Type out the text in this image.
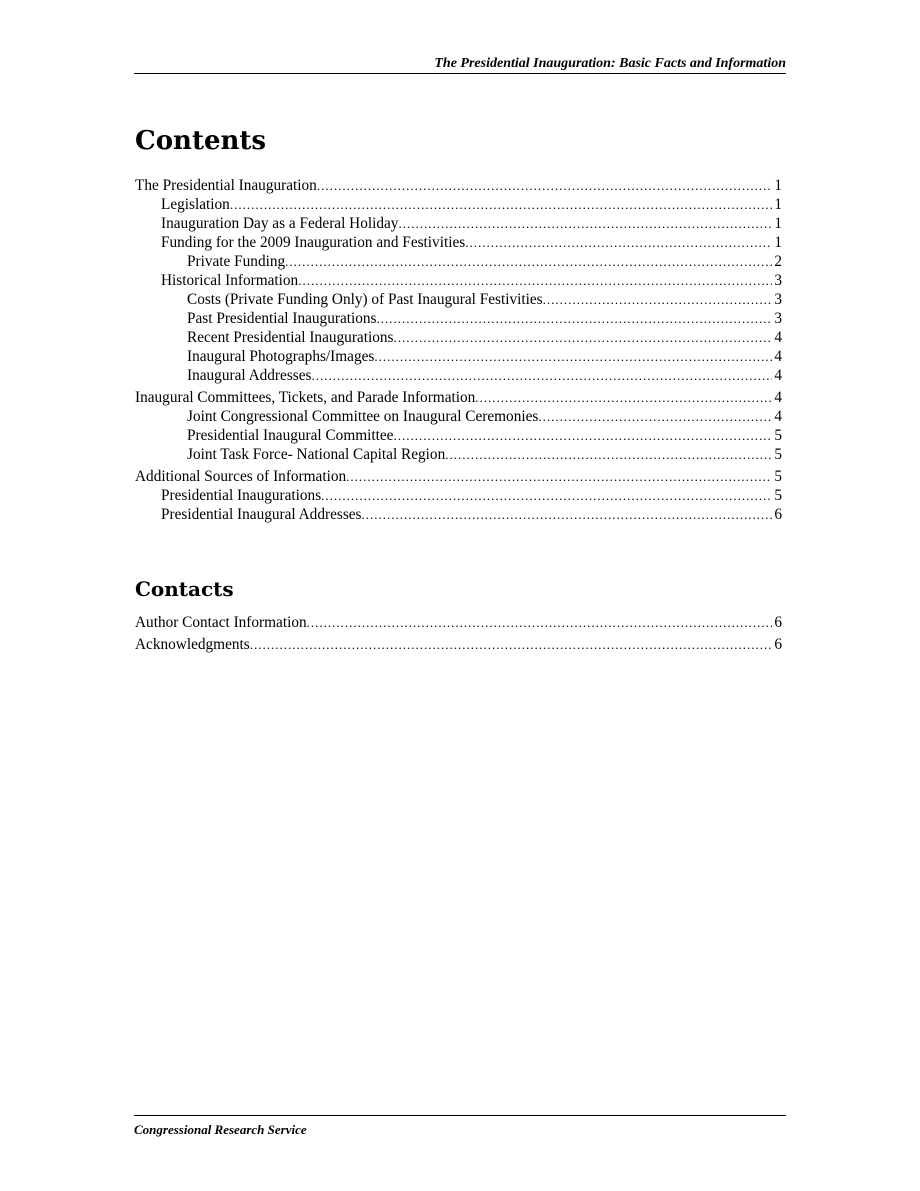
The Presidential Inauguration: Basic Facts and Information
Contents
The Presidential Inauguration .....	1
Legislation .....	1
Inauguration Day as a Federal Holiday .....	1
Funding for the 2009 Inauguration and Festivities .....	1
Private Funding .....	2
Historical Information .....	3
Costs (Private Funding Only) of Past Inaugural Festivities .....	3
Past Presidential Inaugurations .....	3
Recent Presidential Inaugurations .....	4
Inaugural Photographs/Images .....	4
Inaugural Addresses .....	4
Inaugural Committees, Tickets, and Parade Information .....	4
Joint Congressional Committee on Inaugural Ceremonies .....	4
Presidential Inaugural Committee .....	5
Joint Task Force- National Capital Region .....	5
Additional Sources of Information .....	5
Presidential Inaugurations .....	5
Presidential Inaugural Addresses .....	6
Contacts
Author Contact Information .....	6
Acknowledgments .....	6
Congressional Research Service
